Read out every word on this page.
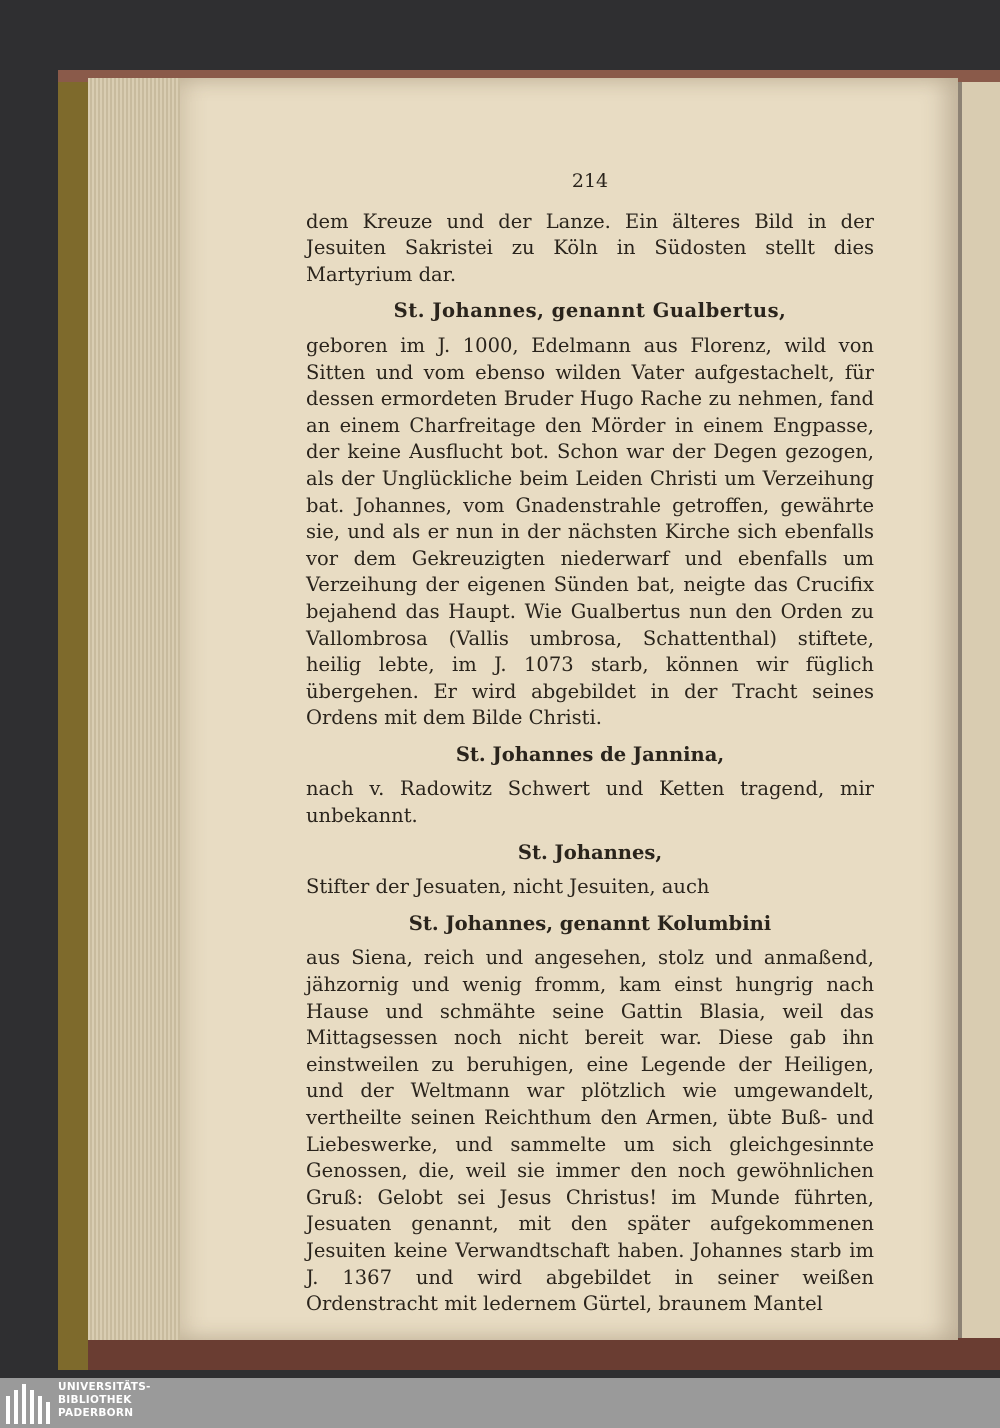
214

dem Kreuze und der Lanze. Ein älteres Bild in der Jesuiten Sakristei zu Köln in Südosten stellt dies Martyrium dar.

St. Johannes, genannt Gualbertus,

geboren im J. 1000, Edelmann aus Florenz, wild von Sitten und vom ebenso wilden Vater aufgestachelt, für dessen ermordeten Bruder Hugo Rache zu nehmen, fand an einem Charfreitage den Mörder in einem Engpasse, der keine Ausflucht bot. Schon war der Degen gezogen, als der Unglückliche beim Leiden Christi um Verzeihung bat. Johannes, vom Gnadenstrahle getroffen, gewährte sie, und als er nun in der nächsten Kirche sich ebenfalls vor dem Gekreuzigten niederwarf und ebenfalls um Verzeihung der eigenen Sünden bat, neigte das Crucifix bejahend das Haupt. Wie Gualbertus nun den Orden zu Vallombrosa (Vallis umbrosa, Schattenthal) stiftete, heilig lebte, im J. 1073 starb, können wir füglich übergehen. Er wird abgebildet in der Tracht seines Ordens mit dem Bilde Christi.

St. Johannes de Jannina,

nach v. Radowitz Schwert und Ketten tragend, mir unbekannt.

St. Johannes,

Stifter der Jesuaten, nicht Jesuiten, auch

St. Johannes, genannt Kolumbini

aus Siena, reich und angesehen, stolz und anmaßend, jähzornig und wenig fromm, kam einst hungrig nach Hause und schmähte seine Gattin Blasia, weil das Mittagsessen noch nicht bereit war. Diese gab ihn einstweilen zu beruhigen, eine Legende der Heiligen, und der Weltmann war plötzlich wie umgewandelt, vertheilte seinen Reichthum den Armen, übte Buß- und Liebeswerke, und sammelte um sich gleichgesinnte Genossen, die, weil sie immer den noch gewöhnlichen Gruß: Gelobt sei Jesus Christus! im Munde führten, Jesuaten genannt, mit den später aufgekommenen Jesuiten keine Verwandtschaft haben. Johannes starb im J. 1367 und wird abgebildet in seiner weißen Ordenstracht mit ledernem Gürtel, braunem Mantel

UNIVERSITÄTS-
BIBLIOTHEK
PADERBORN
